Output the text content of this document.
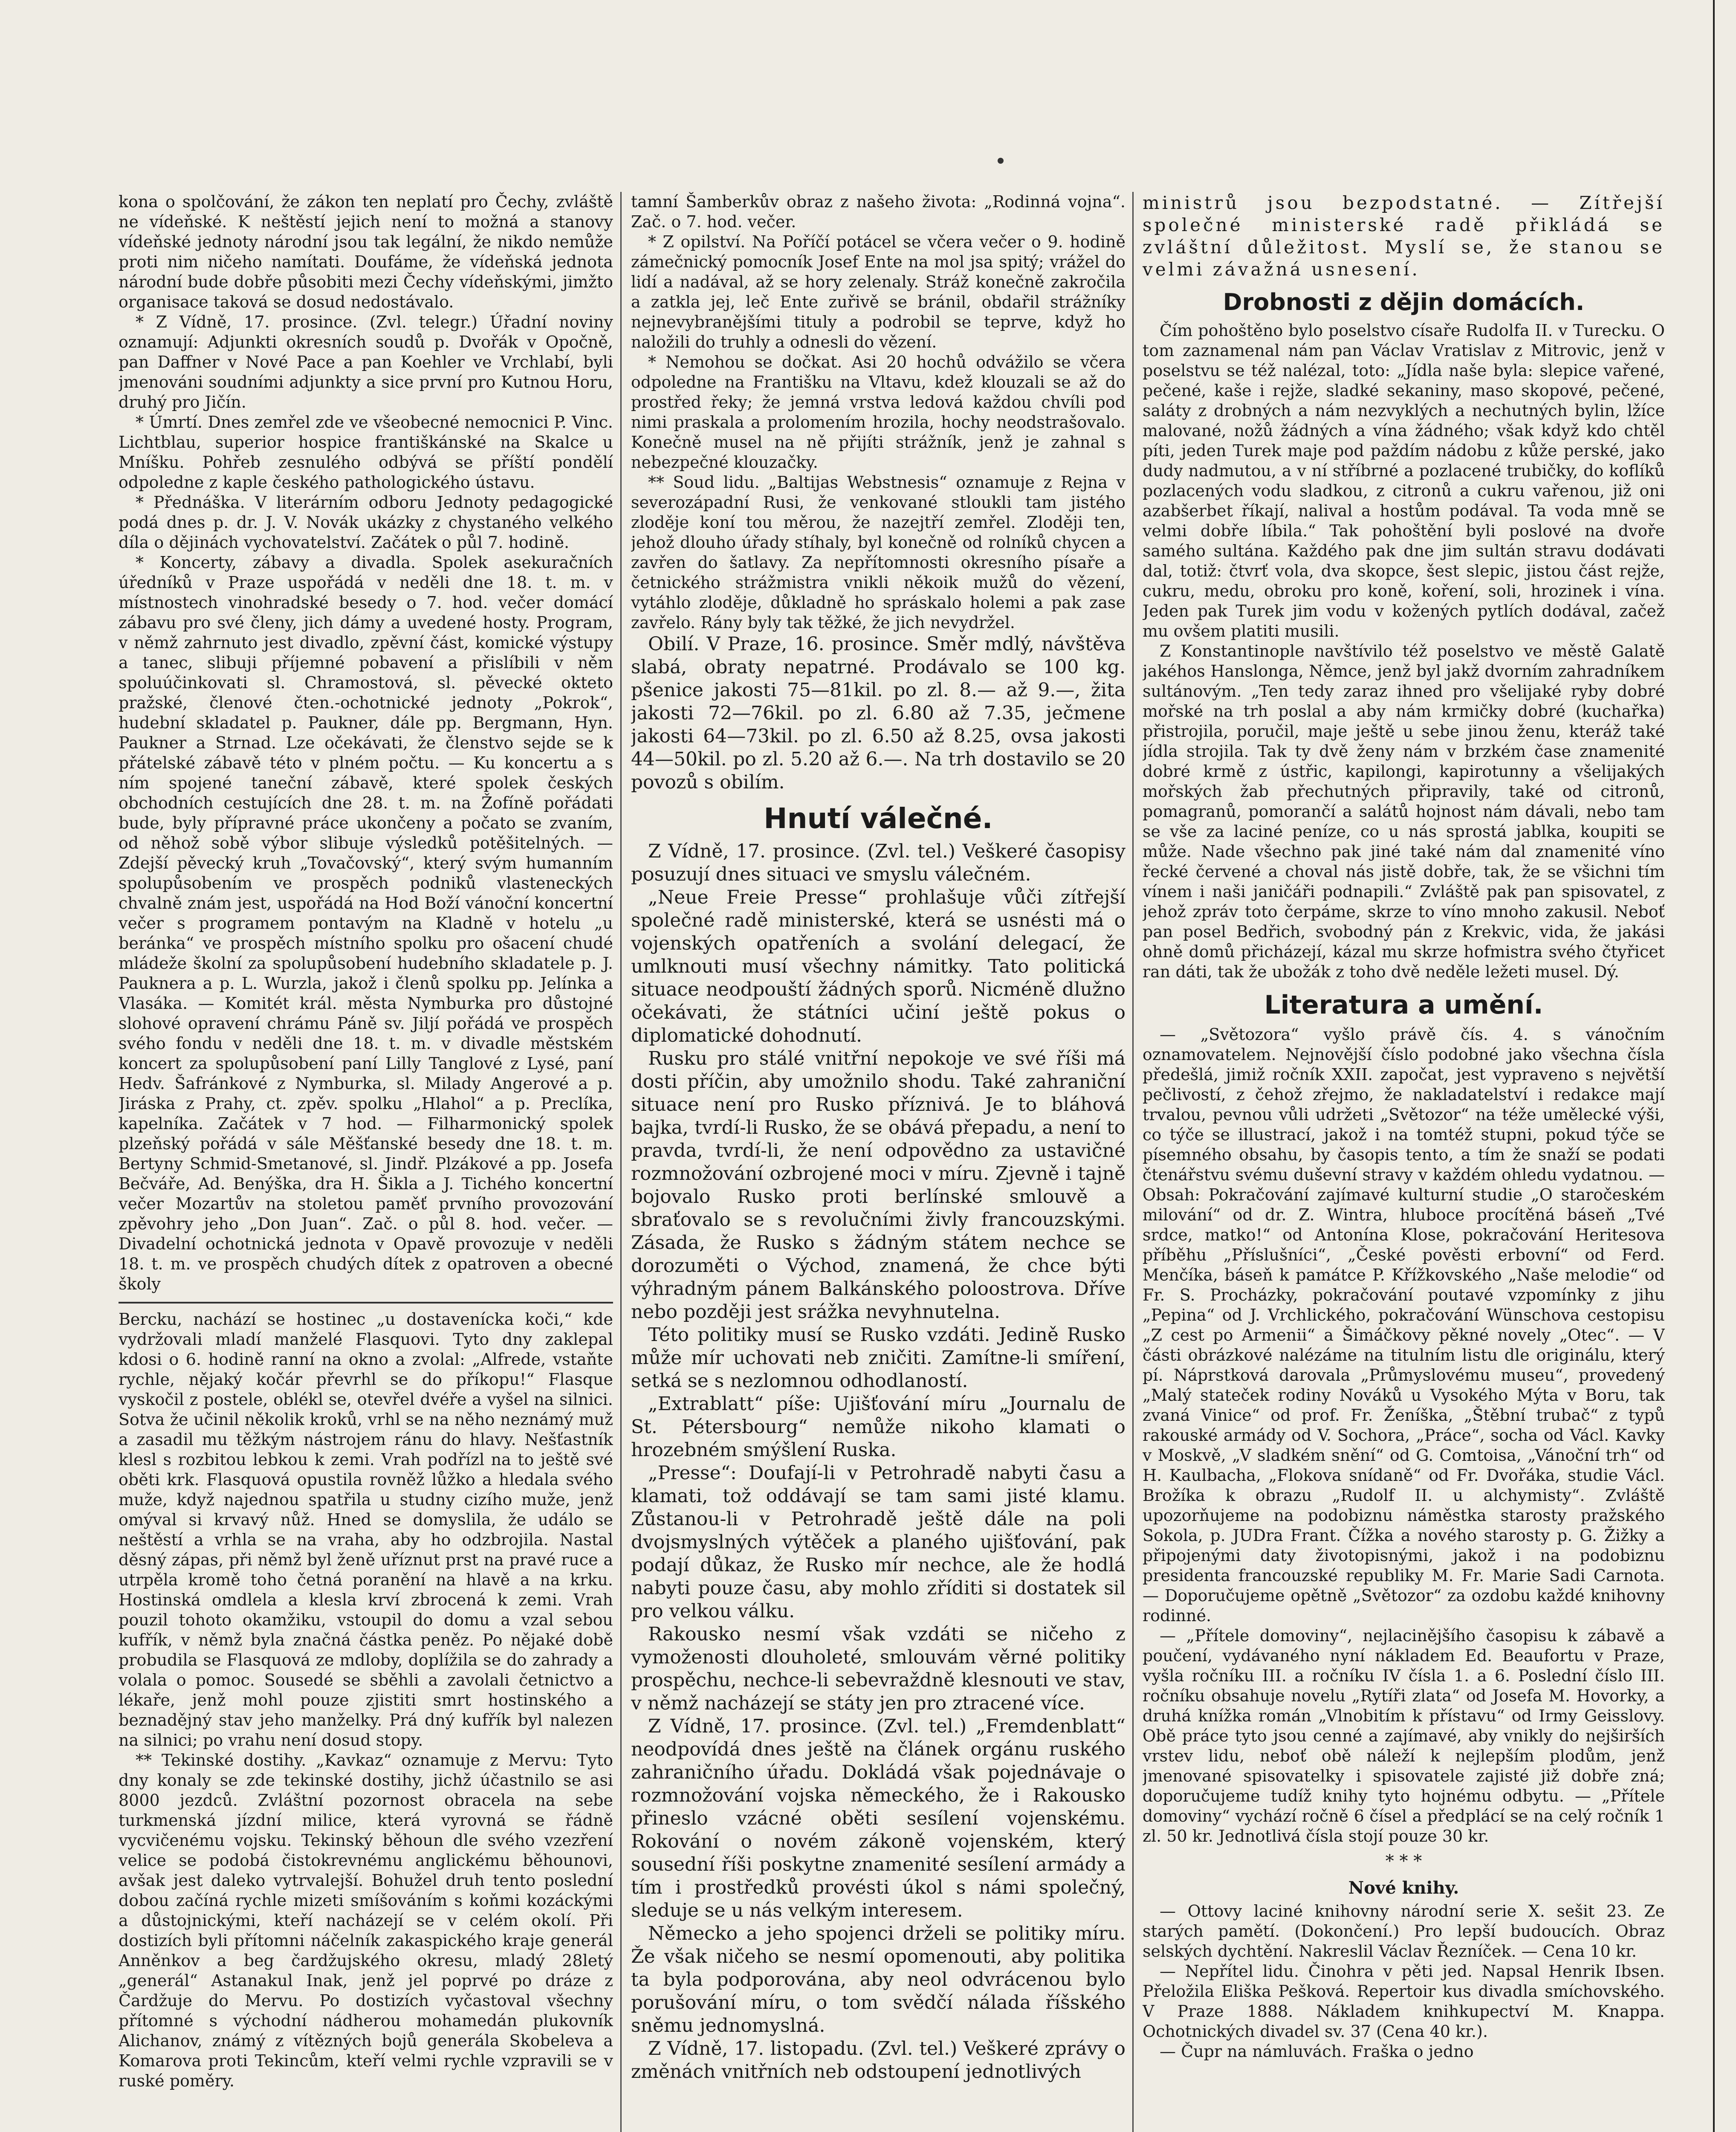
kona o spolčování, že zákon ten neplatí pro Čechy, zvláště ne vídeňské. K neštěstí jejich není to možná a stanovy vídeňské jednoty národní jsou tak legální, že nikdo nemůže proti nim ničeho namítati. Doufáme, že vídeňská jednota národní bude dobře působiti mezi Čechy vídeňskými, jimžto organisace taková se dosud nedostávalo.

* Z Vídně, 17. prosince. (Zvl. telegr.) Úřadní noviny oznamují: Adjunkti okresních soudů p. Dvořák v Opočně, pan Daffner v Nové Pace a pan Koehler ve Vrchlabí, byli jmenováni soudními adjunkty a sice první pro Kutnou Horu, druhý pro Jičín.

* Úmrtí. Dnes zemřel zde ve všeobecné nemocnici P. Vinc. Lichtblau, superior hospice františkánské na Skalce u Mníšku. Pohřeb zesnulého odbývá se příští pondělí odpoledne z kaple českého pathologického ústavu.

* Přednáška. V literárním odboru Jednoty pedagogické podá dnes p. dr. J. V. Novák ukázky z chystaného velkého díla o dějinách vychovatelství. Začátek o půl 7. hodině.

* Koncerty, zábavy a divadla. Spolek asekuračních úředníků v Praze uspořádá v neděli dne 18. t. m. v místnostech vinohradské besedy o 7. hod. večer domácí zábavu pro své členy, jich dámy a uvedené hosty. Program, v němž zahrnuto jest divadlo, zpěvní část, komické výstupy a tanec, slibuji příjemné pobavení a přislíbili v něm spoluúčinkovati sl. Chramostová, sl. pěvecké okteto pražské, členové čten.-ochotnické jednoty „Pokrok“, hudební skladatel p. Paukner, dále pp. Bergmann, Hyn. Paukner a Strnad. Lze očekávati, že členstvo sejde se k přátelské zábavě této v plném počtu. — Ku koncertu a s ním spojené taneční zábavě, které spolek českých obchodních cestujících dne 28. t. m. na Žofíně pořádati bude, byly přípravné práce ukončeny a počato se zvaním, od něhož sobě výbor slibuje výsledků potěšitelných. — Zdejší pěvecký kruh „Tovačovský“, který svým humanním spolupůsobením ve prospěch podniků vlasteneckých chvalně znám jest, uspořádá na Hod Boží vánoční koncertní večer s programem pontavým na Kladně v hotelu „u beránka“ ve prospěch místního spolku pro ošacení chudé mládeže školní za spolupůsobení hudebního skladatele p. J. Pauknera a p. L. Wurzla, jakož i členů spolku pp. Jelínka a Vlasáka. — Komitét král. města Nymburka pro důstojné slohové opravení chrámu Páně sv. Jiljí pořádá ve prospěch svého fondu v neděli dne 18. t. m. v divadle městském koncert za spolupůsobení paní Lilly Tanglové z Lysé, paní Hedv. Šafránkové z Nymburka, sl. Milady Angerové a p. Jiráska z Prahy, ct. zpěv. spolku „Hlahol“ a p. Preclíka, kapelníka. Začátek v 7 hod. — Filharmonický spolek plzeňský pořádá v sále Měšťanské besedy dne 18. t. m. Bertyny Schmid-Smetanové, sl. Jindř. Plzákové a pp. Josefa Bečváře, Ad. Benýška, dra H. Šikla a J. Tichého koncertní večer Mozartův na stoletou paměť prvního provozování zpěvohry jeho „Don Juan“. Zač. o půl 8. hod. večer. — Divadelní ochotnická jednota v Opavě provozuje v neděli 18. t. m. ve prospěch chudých dítek z opatroven a obecné školy

Bercku, nachází se hostinec „u dostavenícka koči,“ kde vydržovali mladí manželé Flasquovi. Tyto dny zaklepal kdosi o 6. hodině ranní na okno a zvolal: „Alfrede, vstaňte rychle, nějaký kočár převrhl se do příkopu!“ Flasque vyskočil z postele, oblékl se, otevřel dvéře a vyšel na silnici. Sotva že učinil několik kroků, vrhl se na něho neznámý muž a zasadil mu těžkým nástrojem ránu do hlavy. Nešťastník klesl s rozbitou lebkou k zemi. Vrah podřízl na to ještě své oběti krk. Flasquová opustila rovněž lůžko a hledala svého muže, když najednou spatřila u studny cizího muže, jenž omýval si krvavý nůž. Hned se domyslila, že událo se neštěstí a vrhla se na vraha, aby ho odzbrojila. Nastal děsný zápas, při němž byl ženě uříznut prst na pravé ruce a utrpěla kromě toho četná poranění na hlavě a na krku. Hostinská omdlela a klesla krví zbrocená k zemi. Vrah pouzil tohoto okamžiku, vstoupil do domu a vzal sebou kufřík, v němž byla značná částka peněz. Po nějaké době probudila se Flasquová ze mdloby, doplížila se do zahrady a volala o pomoc. Sousedé se sběhli a zavolali četnictvo a lékaře, jenž mohl pouze zjistiti smrt hostinského a beznadějný stav jeho manželky. Prá dný kufřík byl nalezen na silnici; po vrahu není dosud stopy.

** Tekinské dostihy. „Kavkaz“ oznamuje z Mervu: Tyto dny konaly se zde tekinské dostihy, jichž účastnilo se asi 8000 jezdců. Zvláštní pozornost obracela na sebe turkmenská jízdní milice, která vyrovná se řádně vycvičenému vojsku. Tekinský běhoun dle svého vzezření velice se podobá čistokrevnému anglickému běhounovi, avšak jest daleko vytrvalejší. Bohužel druh tento poslední dobou začíná rychle mizeti smíšováním s koňmi kozáckými a důstojnickými, kteří nacházejí se v celém okolí. Při dostizích byli přítomni náčelník zakaspického kraje generál Anněnkov a beg čardžujského okresu, mladý 28letý „generál“ Astanakul Inak, jenž jel poprvé po dráze z Čardžuje do Mervu. Po dostizích vyčastoval všechny přítomné s východní nádherou mohamedán plukovník Alichanov, známý z vítězných bojů generála Skobeleva a Komarova proti Tekincům, kteří velmi rychle vzpravili se v ruské poměry.

tamní Šamberkův obraz z našeho života: „Rodinná vojna“. Zač. o 7. hod. večer.

* Z opilství. Na Poříčí potácel se včera večer o 9. hodině zámečnický pomocník Josef Ente na mol jsa spitý; vrážel do lidí a nadával, až se hory zelenaly. Stráž konečně zakročila a zatkla jej, leč Ente zuřivě se bránil, obdařil strážníky nejnevybranějšími tituly a podrobil se teprve, když ho naložili do truhly a odnesli do vězení.

* Nemohou se dočkat. Asi 20 hochů odvážilo se včera odpoledne na Františku na Vltavu, kdež klouzali se až do prostřed řeky; že jemná vrstva ledová každou chvíli pod nimi praskala a prolomením hrozila, hochy neodstrašovalo. Konečně musel na ně přijíti strážník, jenž je zahnal s nebezpečné klouzačky.

** Soud lidu. „Baltijas Webstnesis“ oznamuje z Rejna v severozápadní Rusi, že venkované stloukli tam jistého zloděje koní tou měrou, že nazejtří zemřel. Zloději ten, jehož dlouho úřady stíhaly, byl konečně od rolníků chycen a zavřen do šatlavy. Za nepřítomnosti okresního písaře a četnického strážmistra vnikli někoik mužů do vězení, vytáhlo zloděje, důkladně ho spráskalo holemi a pak zase zavřelo. Rány byly tak těžké, že jich nevydržel.

Obilí. V Praze, 16. prosince. Směr mdlý, návštěva slabá, obraty nepatrné. Prodávalo se 100 kg. pšenice jakosti 75—81kil. po zl. 8.— až 9.—, žita jakosti 72—76kil. po zl. 6.80 až 7.35, ječmene jakosti 64—73kil. po zl. 6.50 až 8.25, ovsa jakosti 44—50kil. po zl. 5.20 až 6.—. Na trh dostavilo se 20 povozů s obilím.

Hnutí válečné.

Z Vídně, 17. prosince. (Zvl. tel.) Veškeré časopisy posuzují dnes situaci ve smyslu válečném.

„Neue Freie Presse“ prohlašuje vůči zítřejší společné radě ministerské, která se usnésti má o vojenských opatřeních a svolání delegací, že umlknouti musí všechny námitky. Tato politická situace neodpouští žádných sporů. Nicméně dlužno očekávati, že státníci učiní ještě pokus o diplomatické dohodnutí.

Rusku pro stálé vnitřní nepokoje ve své říši má dosti příčin, aby umožnilo shodu. Také zahraniční situace není pro Rusko příznivá. Je to bláhová bajka, tvrdí-li Rusko, že se obává přepadu, a není to pravda, tvrdí-li, že není odpovědno za ustavičné rozmnožování ozbrojené moci v míru. Zjevně i tajně bojovalo Rusko proti berlínské smlouvě a sbraťovalo se s revolučními živly francouzskými. Zásada, že Rusko s žádným státem nechce se dorozuměti o Východ, znamená, že chce býti výhradným pánem Balkánského poloostrova. Dříve nebo později jest srážka nevyhnutelna.

Této politiky musí se Rusko vzdáti. Jedině Rusko může mír uchovati neb zničiti. Zamítne-li smíření, setká se s nezlomnou odhodlaností.

„Extrablatt“ píše: Ujišťování míru „Journalu de St. Pétersbourg“ nemůže nikoho klamati o hrozebném smýšlení Ruska.

„Presse“: Doufají-li v Petrohradě nabyti času a klamati, tož oddávají se tam sami jisté klamu. Zůstanou-li v Petrohradě ještě dále na poli dvojsmyslných výtěček a planého ujišťování, pak podají důkaz, že Rusko mír nechce, ale že hodlá nabyti pouze času, aby mohlo zříditi si dostatek sil pro velkou válku.

Rakousko nesmí však vzdáti se ničeho z vymoženosti dlouholeté, smlouvám věrné politiky prospěchu, nechce-li sebevraždně klesnouti ve stav, v němž nacházejí se státy jen pro ztracené více.

Z Vídně, 17. prosince. (Zvl. tel.) „Fremdenblatt“ neodpovídá dnes ještě na článek orgánu ruského zahraničního úřadu. Dokládá však pojednávaje o rozmnožování vojska německého, že i Rakousko přineslo vzácné oběti sesílení vojenskému. Rokování o novém zákoně vojenském, který sousední říši poskytne znamenité sesílení armády a tím i prostředků provésti úkol s námi společný, sleduje se u nás velkým interesem.

Německo a jeho spojenci drželi se politiky míru. Že však ničeho se nesmí opomenouti, aby politika ta byla podporována, aby neol odvrácenou bylo porušování míru, o tom svědčí nálada říšského sněmu jednomyslná.

Z Vídně, 17. listopadu. (Zvl. tel.) Veškeré zprávy o změnách vnitřních neb odstoupení jednotlivých

ministrů jsou bezpodstatné. — Zítřejší společné ministerské radě přikládá se zvláštní důležitost. Myslí se, že stanou se velmi závažná usnesení.

Drobnosti z dějin domácích.

Čím pohoštěno bylo poselstvo císaře Rudolfa II. v Turecku. O tom zaznamenal nám pan Václav Vratislav z Mitrovic, jenž v poselstvu se též nalézal, toto: „Jídla naše byla: slepice vařené, pečené, kaše i rejže, sladké sekaniny, maso skopové, pečené, saláty z drobných a nám nezvyklých a nechutných bylin, lžíce malované, nožů žádných a vína žádného; však když kdo chtěl píti, jeden Turek maje pod paždím nádobu z kůže perské, jako dudy nadmutou, a v ní stříbrné a pozlacené trubičky, do koflíků pozlacených vodu sladkou, z citronů a cukru vařenou, již oni azabšerbet říkají, nalival a hostům podával. Ta voda mně se velmi dobře líbila.“ Tak pohoštění byli poslové na dvoře samého sultána. Každého pak dne jim sultán stravu dodávati dal, totiž: čtvrť vola, dva skopce, šest slepic, jistou část rejže, cukru, medu, obroku pro koně, koření, soli, hrozinek i vína. Jeden pak Turek jim vodu v kožených pytlích dodával, začež mu ovšem platiti musili.

Z Konstantinople navštívilo též poselstvo ve městě Galatě jakéhos Hanslonga, Němce, jenž byl jakž dvorním zahradníkem sultánovým. „Ten tedy zaraz ihned pro všelijaké ryby dobré mořské na trh poslal a aby nám krmičky dobré (kuchařka) přistrojila, poručil, maje ještě u sebe jinou ženu, kteráž také jídla strojila. Tak ty dvě ženy nám v brzkém čase znamenité dobré krmě z ústřic, kapilongi, kapirotunny a všelijakých mořských žab přechutných připravily, také od citronů, pomagranů, pomorančí a salátů hojnost nám dávali, nebo tam se vše za laciné peníze, co u nás sprostá jablka, koupiti se může. Nade všechno pak jiné také nám dal znamenité víno řecké červené a choval nás jistě dobře, tak, že se všichni tím vínem i naši janičáři podnapili.“ Zvláště pak pan spisovatel, z jehož zpráv toto čerpáme, skrze to víno mnoho zakusil. Neboť pan posel Bedřich, svobodný pán z Krekvic, vida, že jakási ohně domů přicházejí, kázal mu skrze hofmistra svého čtyřicet ran dáti, tak že ubožák z toho dvě neděle ležeti musel. Dý.

Literatura a umění.

— „Světozora“ vyšlo právě čís. 4. s vánočním oznamovatelem. Nejnovější číslo podobné jako všechna čísla předešlá, jimiž ročník XXII. započat, jest vypraveno s největší pečlivostí, z čehož zřejmo, že nakladatelství i redakce mají trvalou, pevnou vůli udržeti „Světozor“ na téže umělecké výši, co týče se illustrací, jakož i na tomtéž stupni, pokud týče se písemného obsahu, by časopis tento, a tím že snaží se podati čtenářstvu svému duševní stravy v každém ohledu vydatnou. — Obsah: Pokračování zajímavé kulturní studie „O staročeském milování“ od dr. Z. Wintra, hluboce procítěná báseň „Tvé srdce, matko!“ od Antonína Klose, pokračování Heritesova příběhu „Příslušníci“, „České pověsti erbovní“ od Ferd. Menčíka, báseň k památce P. Křížkovského „Naše melodie“ od Fr. S. Procházky, pokračování poutavé vzpomínky z jihu „Pepina“ od J. Vrchlického, pokračování Wünschova cestopisu „Z cest po Armenii“ a Šimáčkovy pěkné novely „Otec“. — V části obrázkové nalézáme na titulním listu dle originálu, který pí. Náprstková darovala „Průmyslovému museu“, provedený „Malý stateček rodiny Nováků u Vysokého Mýta v Boru, tak zvaná Vinice“ od prof. Fr. Ženíška, „Štěbní trubač“ z typů rakouské armády od V. Sochora, „Práce“, socha od Václ. Kavky v Moskvě, „V sladkém snění“ od G. Comtoisa, „Vánoční trh“ od H. Kaulbacha, „Flokova snídaně“ od Fr. Dvořáka, studie Václ. Brožíka k obrazu „Rudolf II. u alchymisty“. Zvláště upozorňujeme na podobiznu náměstka starosty pražského Sokola, p. JUDra Frant. Čížka a nového starosty p. G. Žižky a připojenými daty životopisnými, jakož i na podobiznu presidenta francouzské republiky M. Fr. Marie Sadi Carnota. — Doporučujeme opětně „Světozor“ za ozdobu každé knihovny rodinné.

— „Přítele domoviny“, nejlacinějšího časopisu k zábavě a poučení, vydávaného nyní nákladem Ed. Beaufortu v Praze, vyšla ročníku III. a ročníku IV čísla 1. a 6. Poslední číslo III. ročníku obsahuje novelu „Rytíři zlata“ od Josefa M. Hovorky, a druhá knížka román „Vlnobitím k přístavu“ od Irmy Geisslovy. Obě práce tyto jsou cenné a zajímavé, aby vnikly do nejširších vrstev lidu, neboť obě náleží k nejlepším plodům, jenž jmenované spisovatelky i spisovatele zajisté již dobře zná; doporučujeme tudíž knihy tyto hojnému odbytu. — „Přítele domoviny“ vychází ročně 6 čísel a předplácí se na celý ročník 1 zl. 50 kr. Jednotlivá čísla stojí pouze 30 kr.

* * *
Nové knihy.

— Ottovy laciné knihovny národní serie X. sešit 23. Ze starých pamětí. (Dokončení.) Pro lepší budoucích. Obraz selských dychtění. Nakreslil Václav Řezníček. — Cena 10 kr.

— Nepřítel lidu. Činohra v pěti jed. Napsal Henrik Ibsen. Přeložila Eliška Pešková. Repertoir kus divadla smíchovského. V Praze 1888. Nákladem knihkupectví M. Knappa. Ochotnických divadel sv. 37 (Cena 40 kr.).

— Čupr na námluvách. Fraška o jedno
